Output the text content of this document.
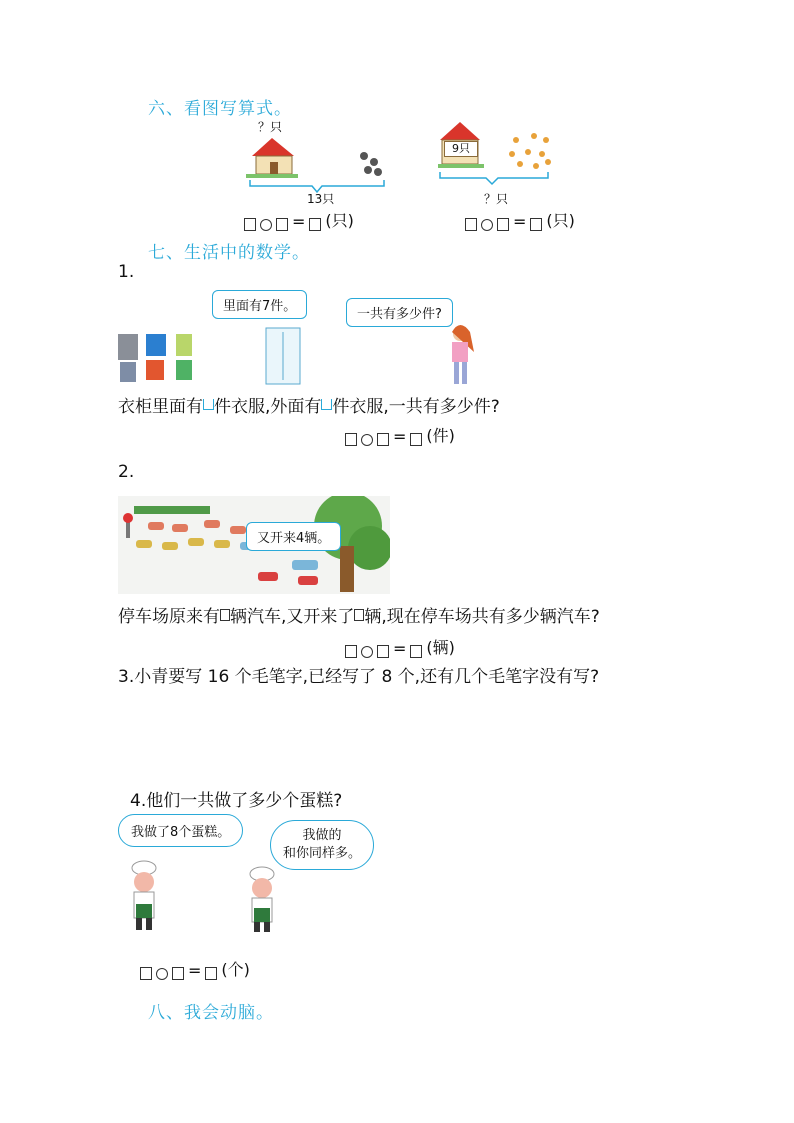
六、看图写算式。
？只
13只
= (只)
9只
？只
= (只)
七、生活中的数学。
1.
里面有7件。
一共有多少件?
衣柜里面有 件衣服,外面有 件衣服,一共有多少件?
= (件)
2.
又开来4辆。
停车场原来有 辆汽车,又开来了 辆,现在停车场共有多少辆汽车?
= (辆)
3.小青要写 16 个毛笔字,已经写了 8 个,还有几个毛笔字没有写?
4.他们一共做了多少个蛋糕?
我做了8个蛋糕。	我做的
和你同样多。
= (个)
八、我会动脑。
